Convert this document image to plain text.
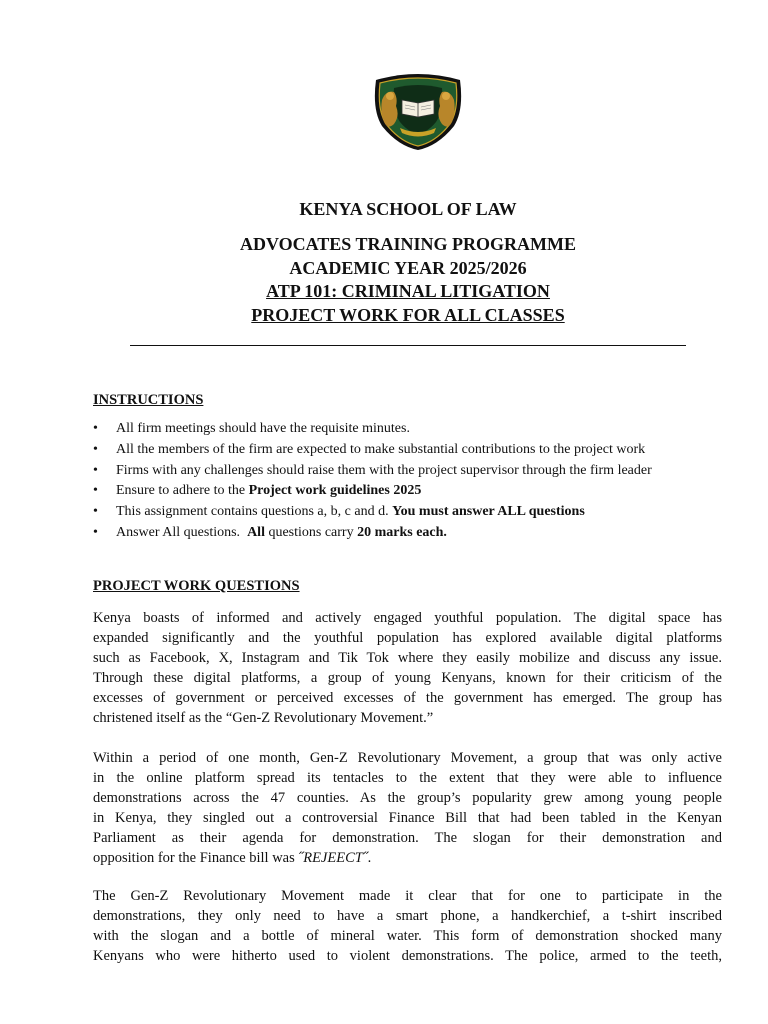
KENYA SCHOOL OF LAW
ADVOCATES TRAINING PROGRAMME
ACADEMIC YEAR 2025/2026
ATP 101: CRIMINAL LITIGATION
PROJECT WORK FOR ALL CLASSES
INSTRUCTIONS
• All firm meetings should have the requisite minutes.
• All the members of the firm are expected to make substantial contributions to the project work
• Firms with any challenges should raise them with the project supervisor through the firm leader
• Ensure to adhere to the Project work guidelines 2025
• This assignment contains questions a, b, c and d. You must answer ALL questions
• Answer All questions.  All questions carry 20 marks each.
PROJECT WORK QUESTIONS
Kenya boasts of informed and actively engaged youthful population. The digital space has
expanded significantly and the youthful population has explored available digital platforms
such as Facebook, X, Instagram and Tik Tok where they easily mobilize and discuss any issue.
Through these digital platforms, a group of young Kenyans, known for their criticism of the
excesses of government or perceived excesses of the government has emerged. The group has
christened itself as the “Gen-Z Revolutionary Movement.”
Within a period of one month, Gen-Z Revolutionary Movement, a group that was only active
in the online platform spread its tentacles to the extent that they were able to influence
demonstrations across the 47 counties. As the group’s popularity grew among young people
in Kenya, they singled out a controversial Finance Bill that had been tabled in the Kenyan
Parliament as their agenda for demonstration. The slogan for their demonstration and
opposition for the Finance bill was ˝REJEECT˝.
The Gen-Z Revolutionary Movement made it clear that for one to participate in the
demonstrations, they only need to have a smart phone, a handkerchief, a t-shirt inscribed
with the slogan and a bottle of mineral water. This form of demonstration shocked many
Kenyans who were hitherto used to violent demonstrations. The police, armed to the teeth,
